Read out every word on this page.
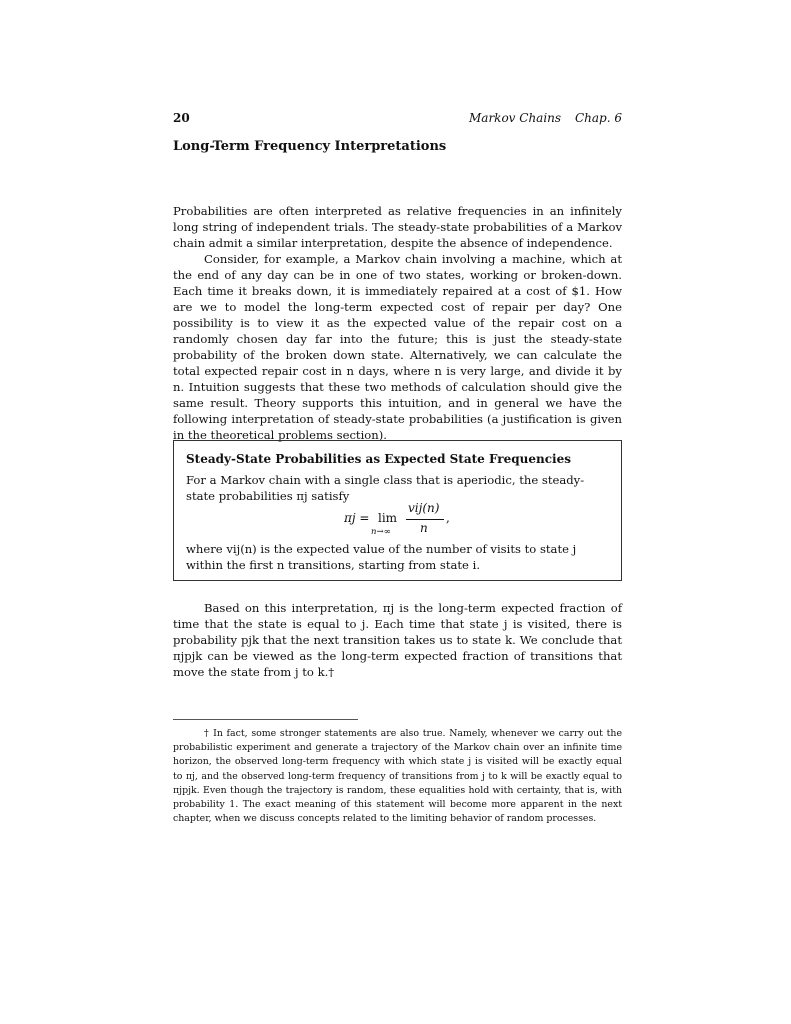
20	Markov Chains Chap. 6
Long-Term Frequency Interpretations

Probabilities are often interpreted as relative frequencies in an infinitely long string of independent trials. The steady-state probabilities of a Markov chain admit a similar interpretation, despite the absence of independence.

Consider, for example, a Markov chain involving a machine, which at the end of any day can be in one of two states, working or broken-down. Each time it breaks down, it is immediately repaired at a cost of $1. How are we to model the long-term expected cost of repair per day? One possibility is to view it as the expected value of the repair cost on a randomly chosen day far into the future; this is just the steady-state probability of the broken down state. Alternatively, we can calculate the total expected repair cost in n days, where n is very large, and divide it by n. Intuition suggests that these two methods of calculation should give the same result. Theory supports this intuition, and in general we have the following interpretation of steady-state probabilities (a justification is given in the theoretical problems section).

Steady-State Probabilities as Expected State Frequencies

For a Markov chain with a single class that is aperiodic, the steady-state probabilities πj satisfy

πj = lim
n→∞
vij(n)
n
,

where vij(n) is the expected value of the number of visits to state j within the first n transitions, starting from state i.

Based on this interpretation, πj is the long-term expected fraction of time that the state is equal to j. Each time that state j is visited, there is probability pjk that the next transition takes us to state k. We conclude that πjpjk can be viewed as the long-term expected fraction of transitions that move the state from j to k.†

† In fact, some stronger statements are also true. Namely, whenever we carry out the probabilistic experiment and generate a trajectory of the Markov chain over an infinite time horizon, the observed long-term frequency with which state j is visited will be exactly equal to πj, and the observed long-term frequency of transitions from j to k will be exactly equal to πjpjk. Even though the trajectory is random, these equalities hold with certainty, that is, with probability 1. The exact meaning of this statement will become more apparent in the next chapter, when we discuss concepts related to the limiting behavior of random processes.
